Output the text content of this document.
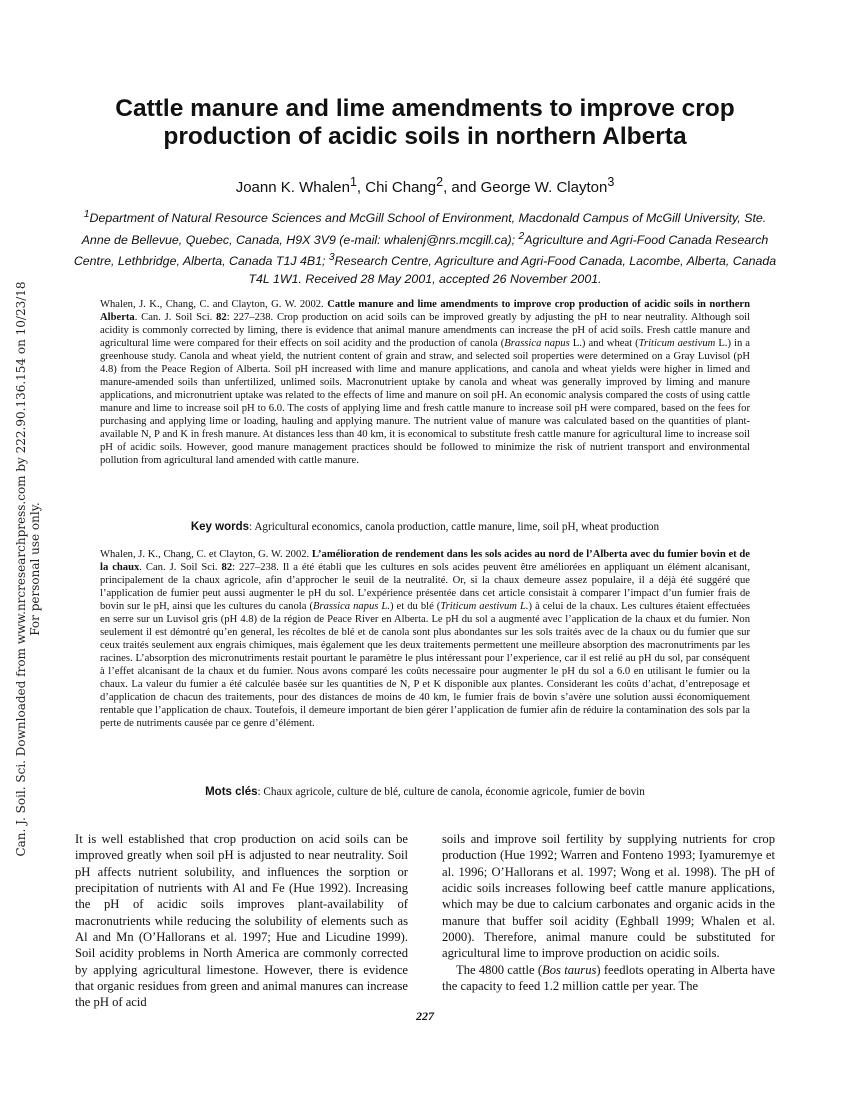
Can. J. Soil. Sci. Downloaded from www.nrcresearchpress.com by 222.90.136.154 on 10/23/18 For personal use only.
Cattle manure and lime amendments to improve crop production of acidic soils in northern Alberta
Joann K. Whalen$^1$, Chi Chang$^2$, and George W. Clayton$^3$
$^1$Department of Natural Resource Sciences and McGill School of Environment, Macdonald Campus of McGill University, Ste. Anne de Bellevue, Quebec, Canada, H9X 3V9 (e-mail: whalenj@nrs.mcgill.ca); $^2$Agriculture and Agri-Food Canada Research Centre, Lethbridge, Alberta, Canada T1J 4B1; $^3$Research Centre, Agriculture and Agri-Food Canada, Lacombe, Alberta, Canada T4L 1W1. Received 28 May 2001, accepted 26 November 2001.

Whalen, J. K., Chang, C. and Clayton, G. W. 2002. Cattle manure and lime amendments to improve crop production of acidic soils in northern Alberta. Can. J. Soil Sci. 82: 227–238. Crop production on acid soils can be improved greatly by adjusting the pH to near neutrality. Although soil acidity is commonly corrected by liming, there is evidence that animal manure amendments can increase the pH of acid soils. Fresh cattle manure and agricultural lime were compared for their effects on soil acidity and the production of canola (Brassica napus L.) and wheat (Triticum aestivum L.) in a greenhouse study. Canola and wheat yield, the nutrient content of grain and straw, and selected soil properties were determined on a Gray Luvisol (pH 4.8) from the Peace Region of Alberta. Soil pH increased with lime and manure applications, and canola and wheat yields were higher in limed and manure-amended soils than unfertilized, unlimed soils. Macronutrient uptake by canola and wheat was generally improved by liming and manure applications, and micronutrient uptake was related to the effects of lime and manure on soil pH. An economic analysis compared the costs of using cattle manure and lime to increase soil pH to 6.0. The costs of applying lime and fresh cattle manure to increase soil pH were compared, based on the fees for purchasing and applying lime or loading, hauling and applying manure. The nutrient value of manure was calculated based on the quantities of plant-available N, P and K in fresh manure. At distances less than 40 km, it is economical to substitute fresh cattle manure for agricultural lime to increase soil pH of acidic soils. However, good manure management practices should be followed to minimize the risk of nutrient transport and environmental pollution from agricultural land amended with cattle manure.

Key words: Agricultural economics, canola production, cattle manure, lime, soil pH, wheat production

Whalen, J. K., Chang, C. et Clayton, G. W. 2002. L’amélioration de rendement dans les sols acides au nord de l’Alberta avec du fumier bovin et de la chaux. Can. J. Soil Sci. 82: 227–238. Il a été établi que les cultures en sols acides peuvent être améliorées en appliquant un élément alcanisant, principalement de la chaux agricole, afin d’approcher le seuil de la neutralité. Or, si la chaux demeure assez populaire, il a déjà été suggéré que l’application de fumier peut aussi augmenter le pH du sol. L’expérience présentée dans cet article consistait à comparer l’impact d’un fumier frais de bovin sur le pH, ainsi que les cultures du canola (Brassica napus L.) et du blé (Triticum aestivum L.) à celui de la chaux. Les cultures étaient effectuées en serre sur un Luvisol gris (pH 4.8) de la région de Peace River en Alberta. Le pH du sol a augmenté avec l’application de la chaux et du fumier. Non seulement il est démontré qu’en general, les récoltes de blé et de canola sont plus abondantes sur les sols traités avec de la chaux ou du fumier que sur ceux traités seulement aux engrais chimiques, mais également que les deux traitements permettent une meilleure absorption des macronutriments par les racines. L’absorption des micronutriments restait pourtant le paramètre le plus intéressant pour l’experience, car il est relié au pH du sol, par conséquent à l’effet alcanisant de la chaux et du fumier. Nous avons comparé les coûts necessaire pour augmenter le pH du sol a 6.0 en utilisant le fumier ou la chaux. La valeur du fumier a été calculée basée sur les quantities de N, P et K disponible aux plantes. Considerant les coûts d’achat, d’entreposage et d’application de chacun des traitements, pour des distances de moins de 40 km, le fumier frais de bovin s’avère une solution aussi économiquement rentable que l’application de chaux. Toutefois, il demeure important de bien gérer l’application de fumier afin de réduire la contamination des sols par la perte de nutriments causée par ce genre d’élément.

Mots clés: Chaux agricole, culture de blé, culture de canola, économie agricole, fumier de bovin

It is well established that crop production on acid soils can be improved greatly when soil pH is adjusted to near neutrality. Soil pH affects nutrient solubility, and influences the sorption or precipitation of nutrients with Al and Fe (Hue 1992). Increasing the pH of acidic soils improves plant-availability of macronutrients while reducing the solubility of elements such as Al and Mn (O’Hallorans et al. 1997; Hue and Licudine 1999). Soil acidity problems in North America are commonly corrected by applying agricultural limestone. However, there is evidence that organic residues from green and animal manures can increase the pH of acid

soils and improve soil fertility by supplying nutrients for crop production (Hue 1992; Warren and Fonteno 1993; Iyamuremye et al. 1996; O’Hallorans et al. 1997; Wong et al. 1998). The pH of acidic soils increases following beef cattle manure applications, which may be due to calcium carbonates and organic acids in the manure that buffer soil acidity (Eghball 1999; Whalen et al. 2000). Therefore, animal manure could be substituted for agricultural lime to improve production on acidic soils.
The 4800 cattle (Bos taurus) feedlots operating in Alberta have the capacity to feed 1.2 million cattle per year. The
227
